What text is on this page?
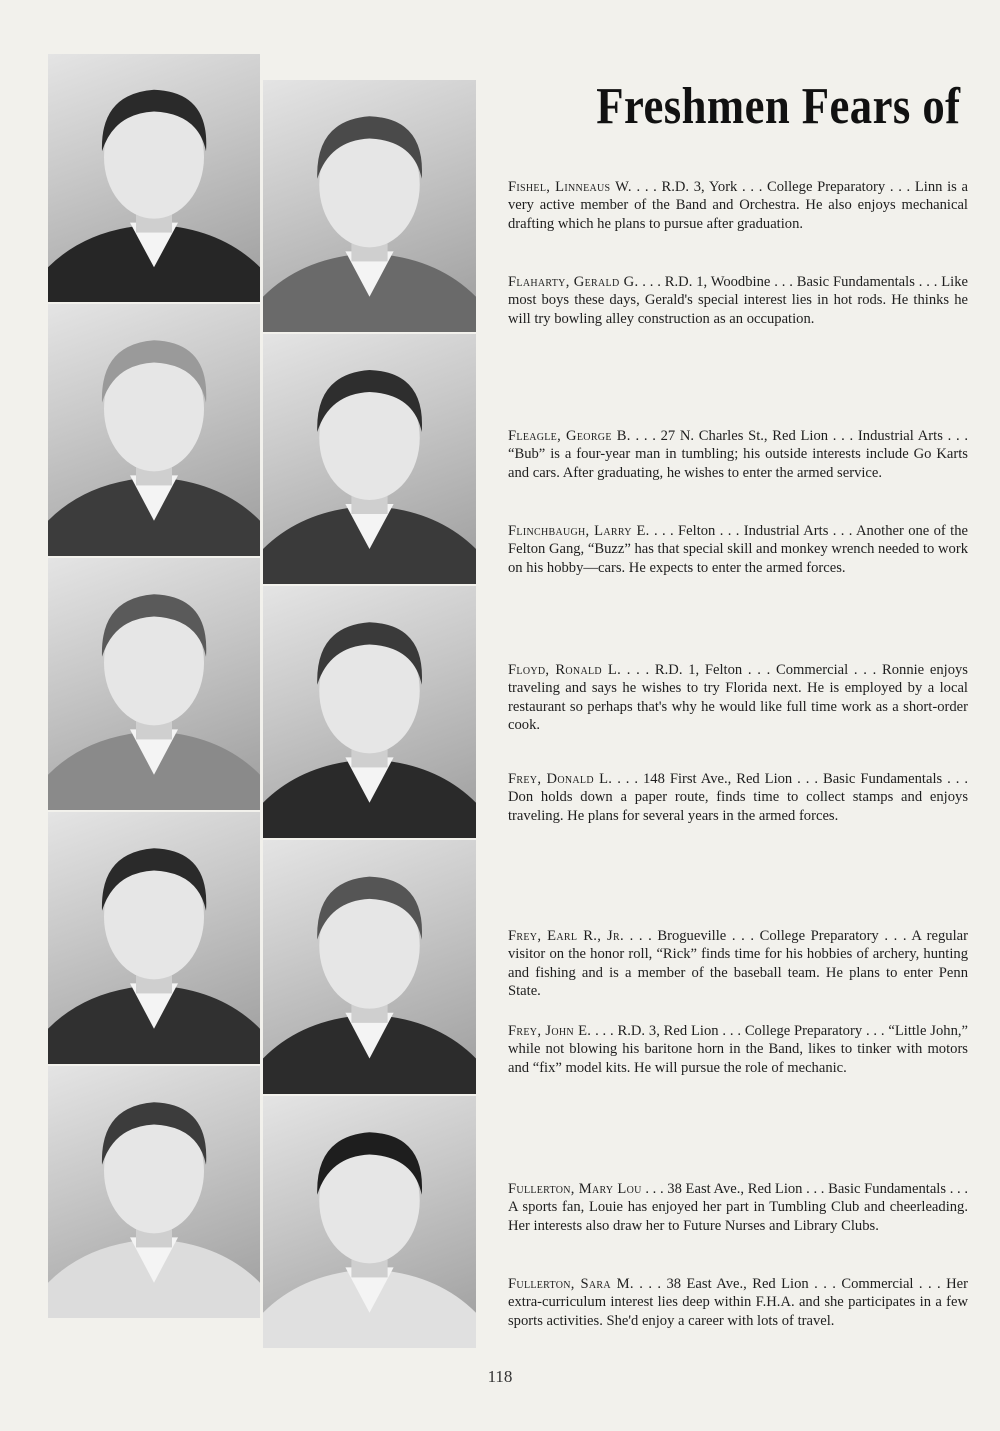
Freshmen Fears of
Fishel, Linneaus W. . . . R.D. 3, York . . . College Preparatory . . . Linn is a very active member of the Band and Orchestra. He also enjoys mechanical drafting which he plans to pursue after graduation.
Flaharty, Gerald G. . . . R.D. 1, Woodbine . . . Basic Fundamentals . . . Like most boys these days, Gerald's special interest lies in hot rods. He thinks he will try bowling alley construction as an occupation.
Fleagle, George B. . . . 27 N. Charles St., Red Lion . . . Industrial Arts . . . “Bub” is a four-year man in tumbling; his outside interests include Go Karts and cars. After graduating, he wishes to enter the armed service.
Flinchbaugh, Larry E. . . . Felton . . . Industrial Arts . . . Another one of the Felton Gang, “Buzz” has that special skill and monkey wrench needed to work on his hobby—cars. He expects to enter the armed forces.
Floyd, Ronald L. . . . R.D. 1, Felton . . . Commercial . . . Ronnie enjoys traveling and says he wishes to try Florida next. He is employed by a local restaurant so perhaps that's why he would like full time work as a short-order cook.
Frey, Donald L. . . . 148 First Ave., Red Lion . . . Basic Fundamentals . . . Don holds down a paper route, finds time to collect stamps and enjoys traveling. He plans for several years in the armed forces.
Frey, Earl R., Jr. . . . Brogueville . . . College Preparatory . . . A regular visitor on the honor roll, “Rick” finds time for his hobbies of archery, hunting and fishing and is a member of the baseball team. He plans to enter Penn State.
Frey, John E. . . . R.D. 3, Red Lion . . . College Preparatory . . . “Little John,” while not blowing his baritone horn in the Band, likes to tinker with motors and “fix” model kits. He will pursue the role of mechanic.
Fullerton, Mary Lou . . . 38 East Ave., Red Lion . . . Basic Fundamentals . . . A sports fan, Louie has enjoyed her part in Tumbling Club and cheerleading. Her interests also draw her to Future Nurses and Library Clubs.
Fullerton, Sara M. . . . 38 East Ave., Red Lion . . . Commercial . . . Her extra-curriculum interest lies deep within F.H.A. and she participates in a few sports activities. She'd enjoy a career with lots of travel.
118
